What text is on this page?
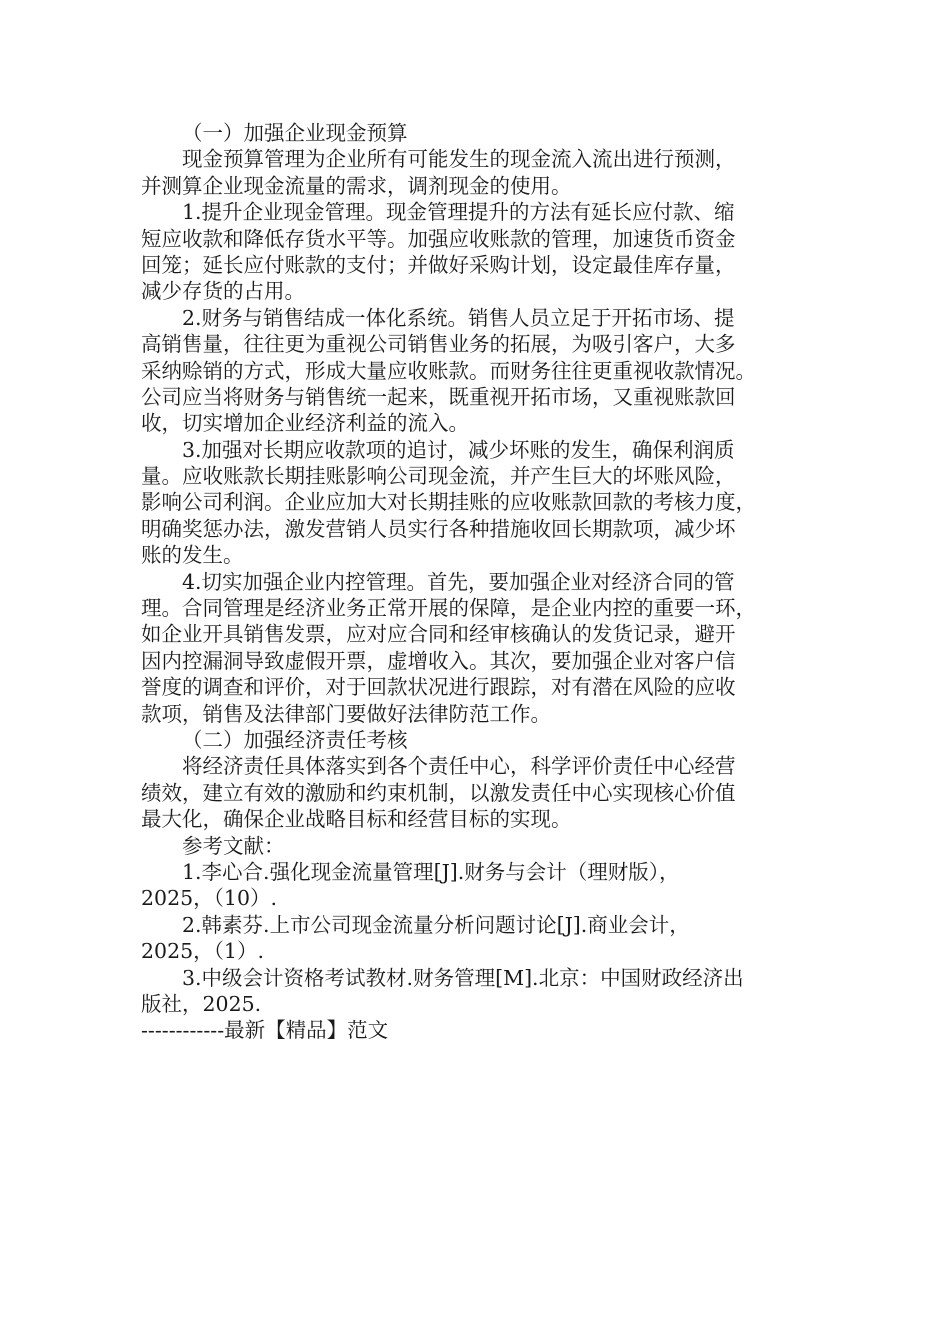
（一）加强企业现金预算
现金预算管理为企业所有可能发生的现金流入流出进行预测，
并测算企业现金流量的需求，调剂现金的使用。
1.提升企业现金管理。现金管理提升的方法有延长应付款、缩
短应收款和降低存货水平等。加强应收账款的管理，加速货币资金
回笼；延长应付账款的支付；并做好采购计划，设定最佳库存量，
减少存货的占用。
2.财务与销售结成一体化系统。销售人员立足于开拓市场、提
高销售量，往往更为重视公司销售业务的拓展，为吸引客户，大多
采纳赊销的方式，形成大量应收账款。而财务往往更重视收款情况。
公司应当将财务与销售统一起来，既重视开拓市场，又重视账款回
收，切实增加企业经济利益的流入。
3.加强对长期应收款项的追讨，减少坏账的发生，确保利润质
量。应收账款长期挂账影响公司现金流，并产生巨大的坏账风险，
影响公司利润。企业应加大对长期挂账的应收账款回款的考核力度，
明确奖惩办法，激发营销人员实行各种措施收回长期款项，减少坏
账的发生。
4.切实加强企业内控管理。首先，要加强企业对经济合同的管
理。合同管理是经济业务正常开展的保障，是企业内控的重要一环，
如企业开具销售发票，应对应合同和经审核确认的发货记录，避开
因内控漏洞导致虚假开票，虚增收入。其次，要加强企业对客户信
誉度的调查和评价，对于回款状况进行跟踪，对有潜在风险的应收
款项，销售及法律部门要做好法律防范工作。
（二）加强经济责任考核
将经济责任具体落实到各个责任中心，科学评价责任中心经营
绩效，建立有效的激励和约束机制，以激发责任中心实现核心价值
最大化，确保企业战略目标和经营目标的实现。
参考文献：
1.李心合.强化现金流量管理[J].财务与会计（理财版），
2025，（10）.
2.韩素芬.上市公司现金流量分析问题讨论[J].商业会计，
2025，（1）.
3.中级会计资格考试教材.财务管理[M].北京：中国财政经济出
版社，2025.
------------最新【精品】范文
